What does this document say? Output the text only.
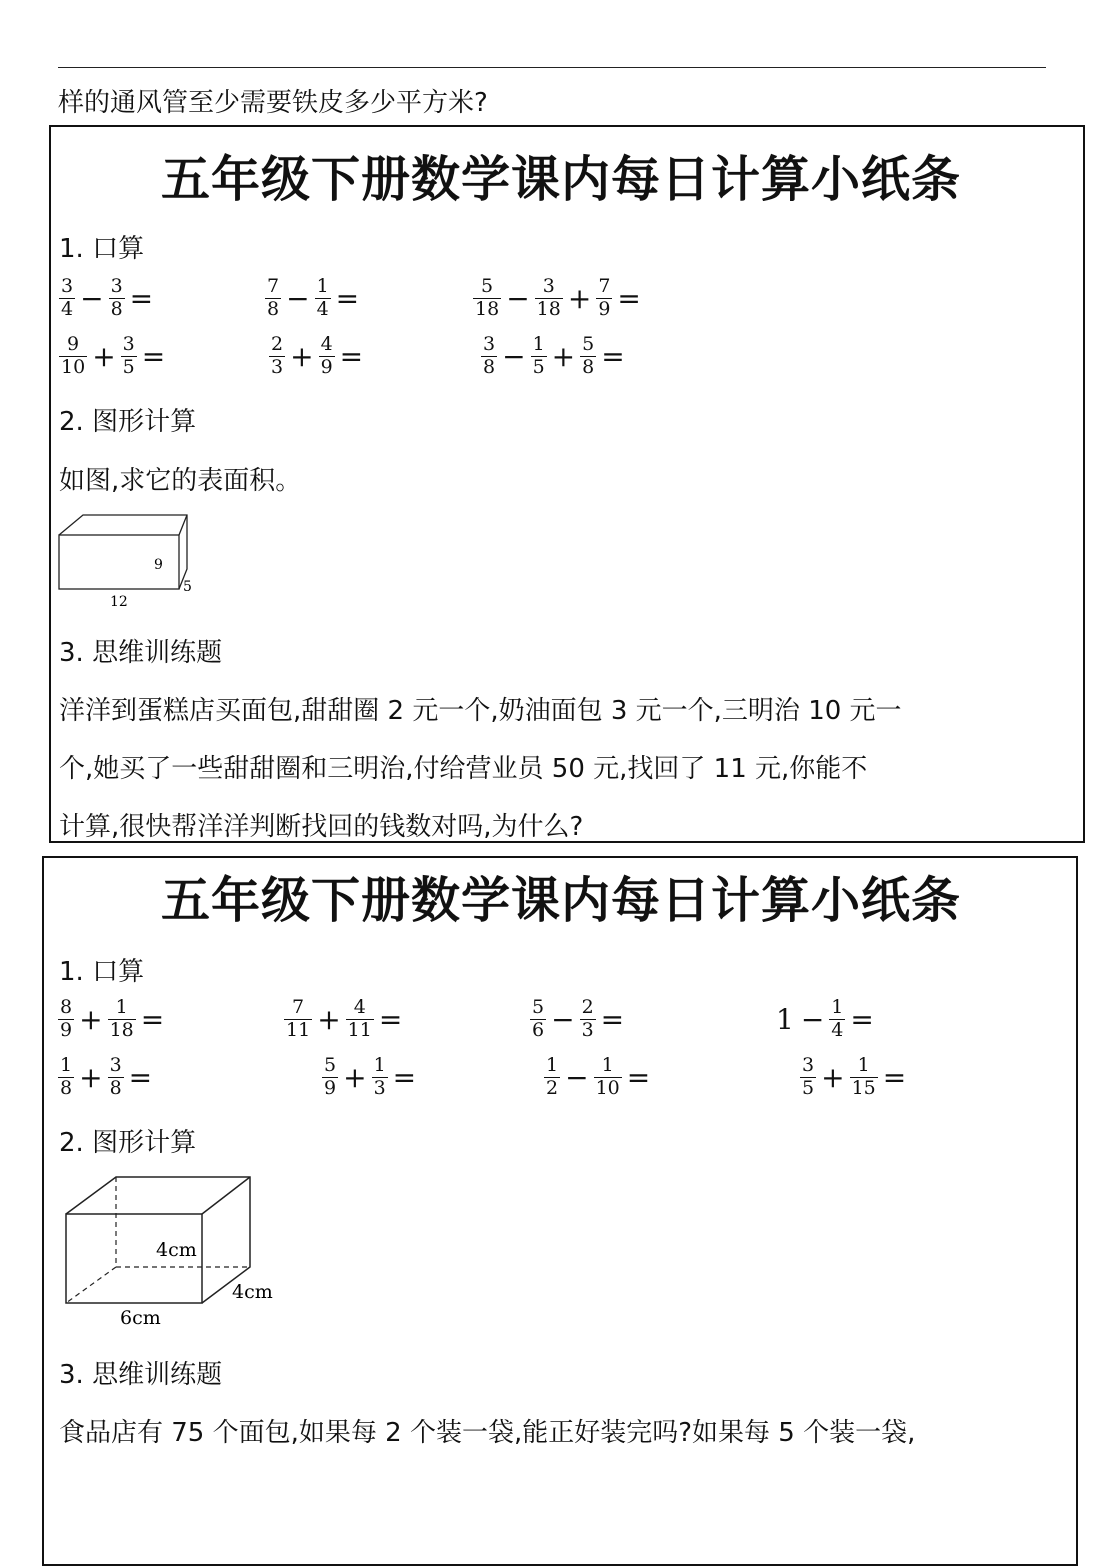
样的通风管至少需要铁皮多少平方米?
五年级下册数学课内每日计算小纸条
1. 口算
$\frac{3}{4} - \frac{3}{8}$ =	$\frac{7}{8} - \frac{1}{4}$ =	$\frac{5}{18} - \frac{3}{18} + \frac{7}{9}$ =
$\frac{9}{10} + \frac{3}{5}$ =	$\frac{2}{3} + \frac{4}{9}$ =	$\frac{3}{8} - \frac{1}{5} + \frac{5}{8}$ =
2. 图形计算
如图,求它的表面积。
9
5
12
3. 思维训练题
洋洋到蛋糕店买面包,甜甜圈 2 元一个,奶油面包 3 元一个,三明治 10 元一
个,她买了一些甜甜圈和三明治,付给营业员 50 元,找回了 11 元,你能不
计算,很快帮洋洋判断找回的钱数对吗,为什么?
五年级下册数学课内每日计算小纸条
1. 口算
$\frac{8}{9} + \frac{1}{18}$ =	$\frac{7}{11} + \frac{4}{11}$ =	$\frac{5}{6} - \frac{2}{3}$ =	$1 - \frac{1}{4}$ =
$\frac{1}{8} + \frac{3}{8}$ =	$\frac{5}{9} + \frac{1}{3}$ =	$\frac{1}{2} - \frac{1}{10}$ =	$\frac{3}{5} + \frac{1}{15}$ =
2. 图形计算
4cm
4cm
6cm
3. 思维训练题
食品店有 75 个面包,如果每 2 个装一袋,能正好装完吗?如果每 5 个装一袋,
